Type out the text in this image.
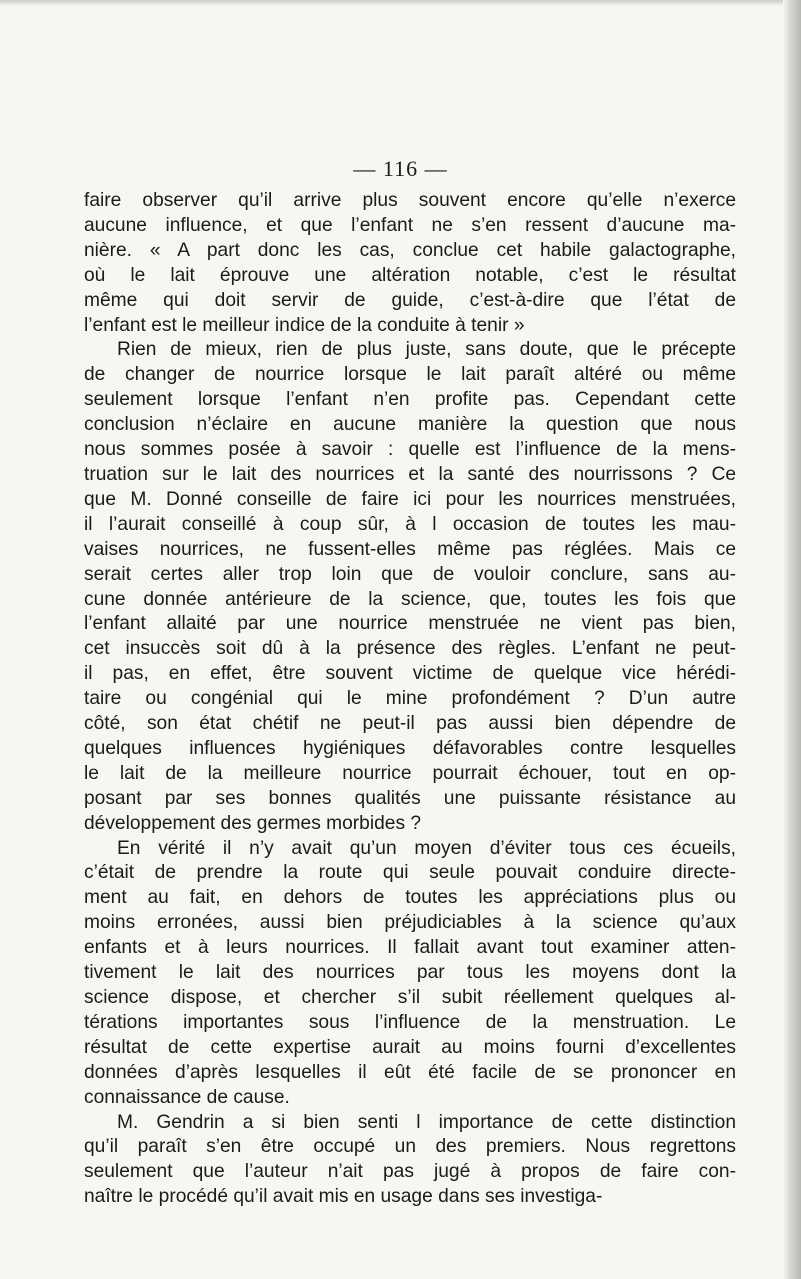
— 116 —

faire observer qu’il arrive plus souvent encore qu’elle n’exerce
aucune influence, et que l’enfant ne s’en ressent d’aucune ma-
nière. « A part donc les cas, conclue cet habile galactographe,
où le lait éprouve une altération notable, c’est le résultat
même qui doit servir de guide, c’est-à-dire que l’état de
l’enfant est le meilleur indice de la conduite à tenir »

Rien de mieux, rien de plus juste, sans doute, que le précepte
de changer de nourrice lorsque le lait paraît altéré ou même
seulement lorsque l’enfant n’en profite pas. Cependant cette
conclusion n’éclaire en aucune manière la question que nous
nous sommes posée à savoir : quelle est l’influence de la mens-
truation sur le lait des nourrices et la santé des nourrissons ? Ce
que M. Donné conseille de faire ici pour les nourrices menstruées,
il l’aurait conseillé à coup sûr, à l occasion de toutes les mau-
vaises nourrices, ne fussent-elles même pas réglées. Mais ce
serait certes aller trop loin que de vouloir conclure, sans au-
cune donnée antérieure de la science, que, toutes les fois que
l’enfant allaité par une nourrice menstruée ne vient pas bien,
cet insuccès soit dû à la présence des règles. L’enfant ne peut-
il pas, en effet, être souvent victime de quelque vice hérédi-
taire ou congénial qui le mine profondément ? D’un autre
côté, son état chétif ne peut-il pas aussi bien dépendre de
quelques influences hygiéniques défavorables contre lesquelles
le lait de la meilleure nourrice pourrait échouer, tout en op-
posant par ses bonnes qualités une puissante résistance au
développement des germes morbides ?

En vérité il n’y avait qu’un moyen d’éviter tous ces écueils,
c’était de prendre la route qui seule pouvait conduire directe-
ment au fait, en dehors de toutes les appréciations plus ou
moins erronées, aussi bien préjudiciables à la science qu’aux
enfants et à leurs nourrices. Il fallait avant tout examiner atten-
tivement le lait des nourrices par tous les moyens dont la
science dispose, et chercher s’il subit réellement quelques al-
térations importantes sous l’influence de la menstruation. Le
résultat de cette expertise aurait au moins fourni d’excellentes
données d’après lesquelles il eût été facile de se prononcer en
connaissance de cause.

M. Gendrin a si bien senti l importance de cette distinction
qu’il paraît s’en être occupé un des premiers. Nous regrettons
seulement que l’auteur n’ait pas jugé à propos de faire con-
naître le procédé qu’il avait mis en usage dans ses investiga-
